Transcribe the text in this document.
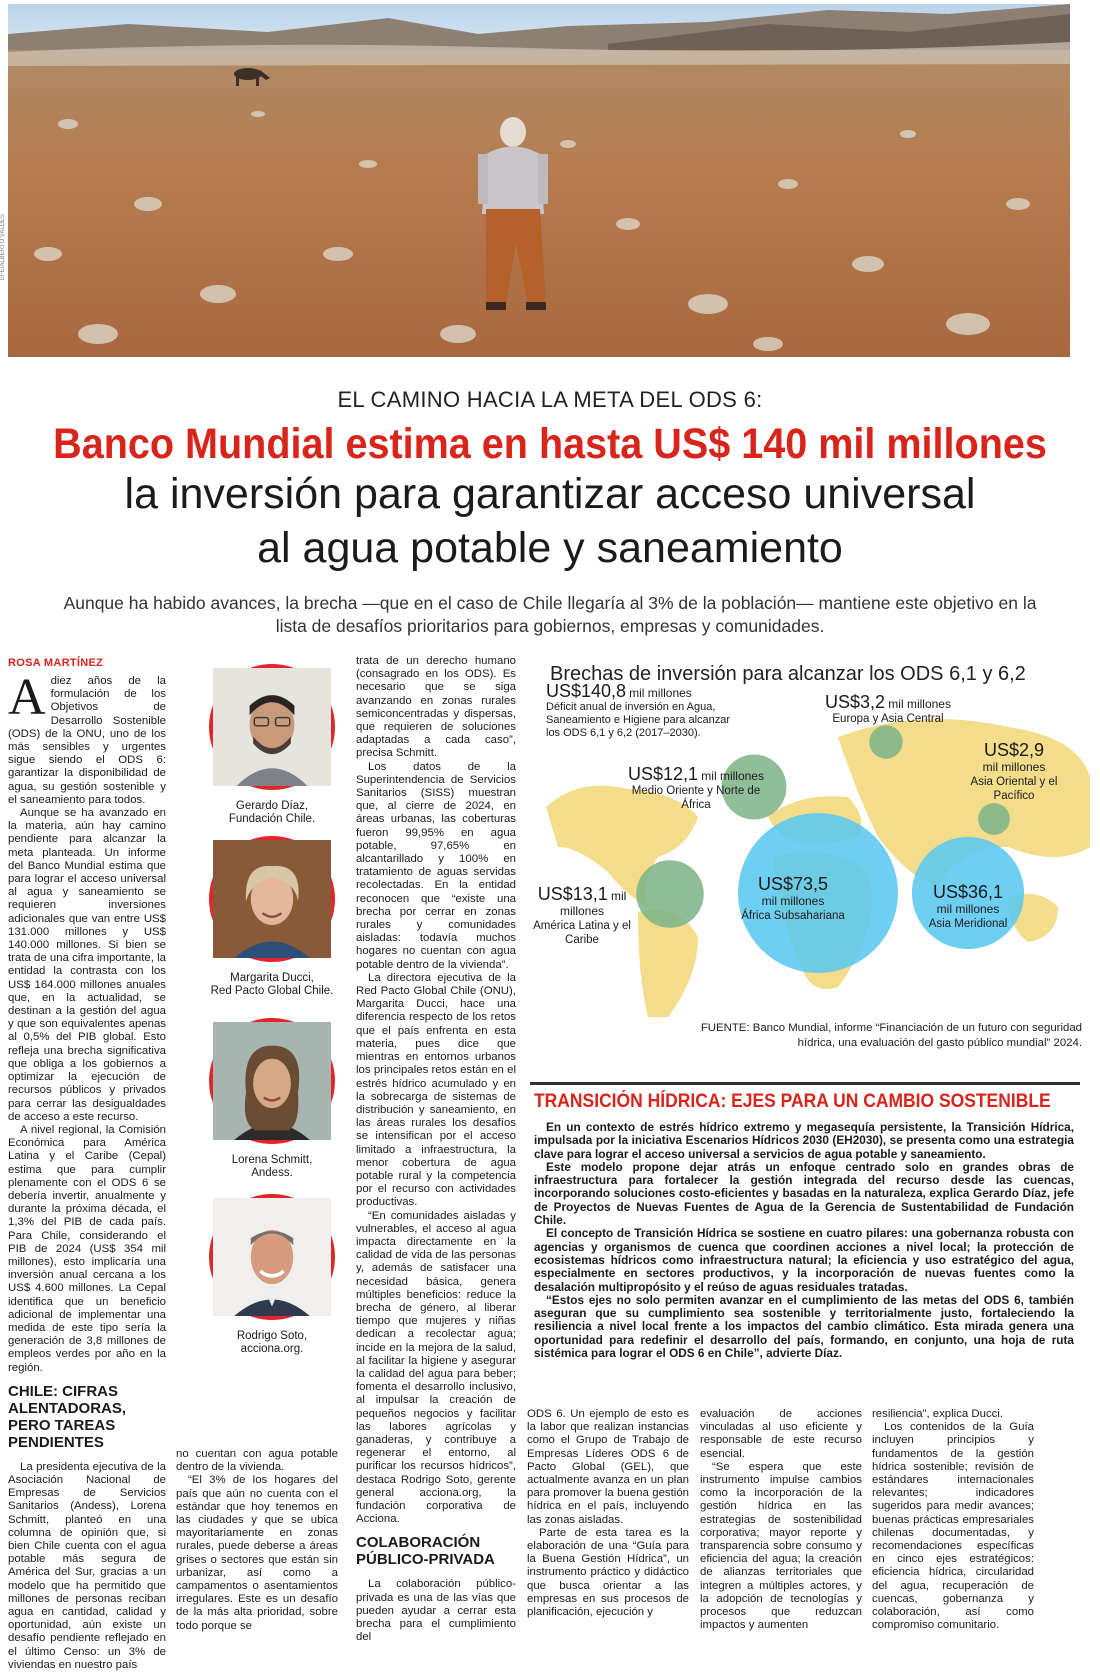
EFE/ALBERTO VALDÉS
EL CAMINO HACIA LA META DEL ODS 6:
Banco Mundial estima en hasta US$ 140 mil millones
la inversión para garantizar acceso universal
al agua potable y saneamiento
Aunque ha habido avances, la brecha —que en el caso de Chile llegaría al 3% de la población— mantiene este objetivo en la lista de desafíos prioritarios para gobiernos, empresas y comunidades.
ROSA MARTÍNEZ

Adiez años de la formulación de los Objetivos de Desarrollo Sostenible (ODS) de la ONU, uno de los más sensibles y urgentes sigue siendo el ODS 6: garantizar la disponibilidad de agua, su gestión sostenible y el saneamiento para todos.

Aunque se ha avanzado en la materia, aún hay camino pendiente para alcanzar la meta planteada. Un informe del Banco Mundial estima que para lograr el acceso universal al agua y saneamiento se requieren inversiones adicionales que van entre US$ 131.000 millones y US$ 140.000 millones. Si bien se trata de una cifra importante, la entidad la contrasta con los US$ 164.000 millones anuales que, en la actualidad, se destinan a la gestión del agua y que son equivalentes apenas al 0,5% del PIB global. Esto refleja una brecha significativa que obliga a los gobiernos a optimizar la ejecución de recursos públicos y privados para cerrar las desigualdades de acceso a este recurso.

A nivel regional, la Comisión Económica para América Latina y el Caribe (Cepal) estima que para cumplir plenamente con el ODS 6 se debería invertir, anualmente y durante la próxima década, el 1,3% del PIB de cada país. Para Chile, considerando el PIB de 2024 (US$ 354 mil millones), esto implicaría una inversión anual cercana a los US$ 4.600 millones. La Cepal identifica que un beneficio adicional de implementar una medida de este tipo sería la generación de 3,8 millones de empleos verdes por año en la región.

CHILE: CIFRAS ALENTADORAS, PERO TAREAS PENDIENTES

La presidenta ejecutiva de la Asociación Nacional de Empresas de Servicios Sanitarios (Andess), Lorena Schmitt, planteó en una columna de opinión que, si bien Chile cuenta con el agua potable más segura de América del Sur, gracias a un modelo que ha permitido que millones de personas reciban agua en cantidad, calidad y oportunidad, aún existe un desafío pendiente reflejado en el último Censo: un 3% de viviendas en nuestro país

Gerardo Díaz,
Fundación Chile.
Margarita Ducci,
Red Pacto Global Chile.
Lorena Schmitt,
Andess.
Rodrigo Soto,
acciona.org.

no cuentan con agua potable dentro de la vivienda.

“El 3% de los hogares del país que aún no cuenta con el estándar que hoy tenemos en las ciudades y que se ubica mayoritariamente en zonas rurales, puede deberse a áreas grises o sectores que están sin urbanizar, así como a campamentos o asentamientos irregulares. Este es un desafío de la más alta prioridad, sobre todo porque se

trata de un derecho humano (consagrado en los ODS). Es necesario que se siga avanzando en zonas rurales semiconcentradas y dispersas, que requieren de soluciones adaptadas a cada caso”, precisa Schmitt.

Los datos de la Superintendencia de Servicios Sanitarios (SISS) muestran que, al cierre de 2024, en áreas urbanas, las coberturas fueron 99,95% en agua potable, 97,65% en alcantarillado y 100% en tratamiento de aguas servidas recolectadas. En la entidad reconocen que “existe una brecha por cerrar en zonas rurales y comunidades aisladas: todavía muchos hogares no cuentan con agua potable dentro de la vivienda”.

La directora ejecutiva de la Red Pacto Global Chile (ONU), Margarita Ducci, hace una diferencia respecto de los retos que el país enfrenta en esta materia, pues dice que mientras en entornos urbanos los principales retos están en el estrés hídrico acumulado y en la sobrecarga de sistemas de distribución y saneamiento, en las áreas rurales los desafíos se intensifican por el acceso limitado a infraestructura, la menor cobertura de agua potable rural y la competencia por el recurso con actividades productivas.

“En comunidades aisladas y vulnerables, el acceso al agua impacta directamente en la calidad de vida de las personas y, además de satisfacer una necesidad básica, genera múltiples beneficios: reduce la brecha de género, al liberar tiempo que mujeres y niñas dedican a recolectar agua; incide en la mejora de la salud, al facilitar la higiene y asegurar la calidad del agua para beber; fomenta el desarrollo inclusivo, al impulsar la creación de pequeños negocios y facilitar las labores agrícolas y ganaderas, y contribuye a regenerar el entorno, al purificar los recursos hídricos”, destaca Rodrigo Soto, gerente general acciona.org, la fundación corporativa de Acciona.

COLABORACIÓN PÚBLICO-PRIVADA

La colaboración público-privada es una de las vías que pueden ayudar a cerrar esta brecha para el cumplimiento del

Brechas de inversión para alcanzar los ODS 6,1 y 6,2
US$140,8 mil millones
Déficit anual de inversión en Agua, Saneamiento e Higiene para alcanzar los ODS 6,1 y 6,2 (2017–2030).
US$3,2 mil millones
Europa y Asia Central
US$2,9
mil millones
Asia Oriental y el Pacífico
US$12,1 mil millones
Medio Oriente y Norte de África
US$13,1 mil millones
América Latina y el Caribe
US$73,5
mil millones
África Subsahariana
US$36,1
mil millones
Asia Meridional
FUENTE: Banco Mundial, informe “Financiación de un futuro con seguridad hídrica, una evaluación del gasto público mundial” 2024.
TRANSICIÓN HÍDRICA: EJES PARA UN CAMBIO SOSTENIBLE

En un contexto de estrés hídrico extremo y megasequía persistente, la Transición Hídrica, impulsada por la iniciativa Escenarios Hídricos 2030 (EH2030), se presenta como una estrategia clave para lograr el acceso universal a servicios de agua potable y saneamiento.

Este modelo propone dejar atrás un enfoque centrado solo en grandes obras de infraestructura para fortalecer la gestión integrada del recurso desde las cuencas, incorporando soluciones costo-eficientes y basadas en la naturaleza, explica Gerardo Díaz, jefe de Proyectos de Nuevas Fuentes de Agua de la Gerencia de Sustentabilidad de Fundación Chile.

El concepto de Transición Hídrica se sostiene en cuatro pilares: una gobernanza robusta con agencias y organismos de cuenca que coordinen acciones a nivel local; la protección de ecosistemas hídricos como infraestructura natural; la eficiencia y uso estratégico del agua, especialmente en sectores productivos, y la incorporación de nuevas fuentes como la desalación multipropósito y el reúso de aguas residuales tratadas.

“Estos ejes no solo permiten avanzar en el cumplimiento de las metas del ODS 6, también aseguran que su cumplimiento sea sostenible y territorialmente justo, fortaleciendo la resiliencia a nivel local frente a los impactos del cambio climático. Esta mirada genera una oportunidad para redefinir el desarrollo del país, formando, en conjunto, una hoja de ruta sistémica para lograr el ODS 6 en Chile”, advierte Díaz.

ODS 6. Un ejemplo de esto es la labor que realizan instancias como el Grupo de Trabajo de Empresas Líderes ODS 6 de Pacto Global (GEL), que actualmente avanza en un plan para promover la buena gestión hídrica en el país, incluyendo las zonas aisladas.

Parte de esta tarea es la elaboración de una “Guía para la Buena Gestión Hídrica”, un instrumento práctico y didáctico que busca orientar a las empresas en sus procesos de planificación, ejecución y

evaluación de acciones vinculadas al uso eficiente y responsable de este recurso esencial.

“Se espera que este instrumento impulse cambios como la incorporación de la gestión hídrica en las estrategias de sostenibilidad corporativa; mayor reporte y transparencia sobre consumo y eficiencia del agua; la creación de alianzas territoriales que integren a múltiples actores, y la adopción de tecnologías y procesos que reduzcan impactos y aumenten

resiliencia”, explica Ducci.

Los contenidos de la Guía incluyen principios y fundamentos de la gestión hídrica sostenible; revisión de estándares internacionales relevantes; indicadores sugeridos para medir avances; buenas prácticas empresariales chilenas documentadas, y recomendaciones específicas en cinco ejes estratégicos: eficiencia hídrica, circularidad del agua, recuperación de cuencas, gobernanza y colaboración, así como compromiso comunitario.
